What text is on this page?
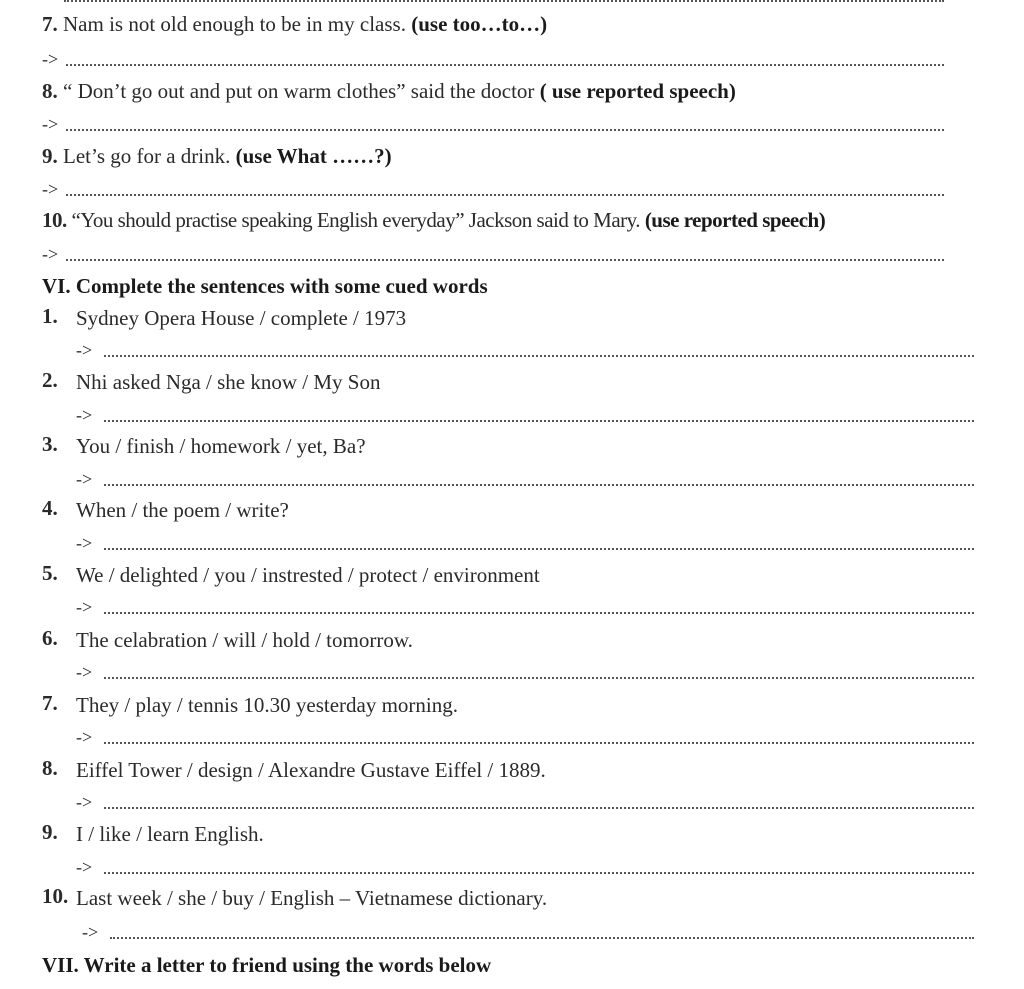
7. Nam is not old enough to be in my class. (use too…to…)
->
8. “ Don’t go out and put on warm clothes” said the doctor ( use reported speech)
->
9. Let’s go for a drink. (use What ……?)
->
10. “You should practise speaking English everyday” Jackson said to Mary. (use reported speech)
->
VI. Complete the sentences with some cued words
1. Sydney Opera House / complete / 1973
->
2. Nhi asked Nga / she know / My Son
->
3. You / finish / homework / yet, Ba?
->
4. When / the poem / write?
->
5. We / delighted / you / instrested / protect / environment
->
6. The celabration / will / hold / tomorrow.
->
7. They / play / tennis 10.30 yesterday morning.
->
8. Eiffel Tower / design / Alexandre Gustave Eiffel / 1889.
->
9. I / like / learn English.
->
10. Last week / she / buy / English – Vietnamese dictionary.
->
VII. Write a letter to friend using the words below
